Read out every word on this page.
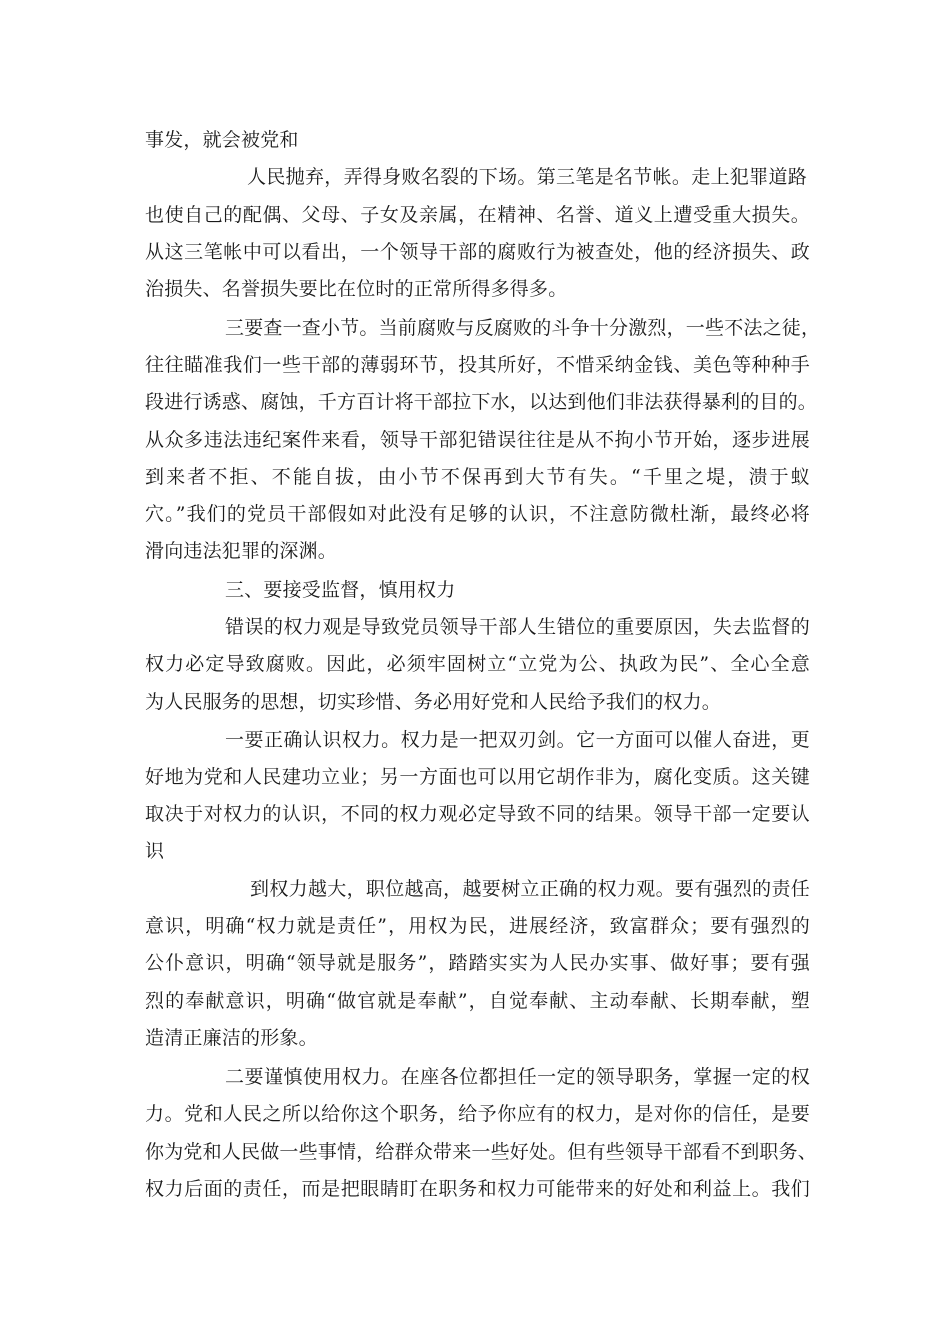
事发，就会被党和
人民抛弃，弄得身败名裂的下场。第三笔是名节帐。走上犯罪道路
也使自己的配偶、父母、子女及亲属，在精神、名誉、道义上遭受重大损失。
从这三笔帐中可以看出，一个领导干部的腐败行为被查处，他的经济损失、政
治损失、名誉损失要比在位时的正常所得多得多。
三要查一查小节。当前腐败与反腐败的斗争十分激烈，一些不法之徒，
往往瞄准我们一些干部的薄弱环节，投其所好，不惜采纳金钱、美色等种种手
段进行诱惑、腐蚀，千方百计将干部拉下水，以达到他们非法获得暴利的目的。
从众多违法违纪案件来看，领导干部犯错误往往是从不拘小节开始，逐步进展
到来者不拒、不能自拔，由小节不保再到大节有失。“千里之堤，溃于蚁
穴。”我们的党员干部假如对此没有足够的认识，不注意防微杜渐，最终必将
滑向违法犯罪的深渊。
三、要接受监督，慎用权力
错误的权力观是导致党员领导干部人生错位的重要原因，失去监督的
权力必定导致腐败。因此，必须牢固树立“立党为公、执政为民”、全心全意
为人民服务的思想，切实珍惜、务必用好党和人民给予我们的权力。
一要正确认识权力。权力是一把双刃剑。它一方面可以催人奋进，更
好地为党和人民建功立业；另一方面也可以用它胡作非为，腐化变质。这关键
取决于对权力的认识，不同的权力观必定导致不同的结果。领导干部一定要认
识
到权力越大，职位越高，越要树立正确的权力观。要有强烈的责任
意识，明确“权力就是责任”，用权为民，进展经济，致富群众；要有强烈的
公仆意识，明确“领导就是服务”，踏踏实实为人民办实事、做好事；要有强
烈的奉献意识，明确“做官就是奉献”，自觉奉献、主动奉献、长期奉献，塑
造清正廉洁的形象。
二要谨慎使用权力。在座各位都担任一定的领导职务，掌握一定的权
力。党和人民之所以给你这个职务，给予你应有的权力，是对你的信任，是要
你为党和人民做一些事情，给群众带来一些好处。但有些领导干部看不到职务、
权力后面的责任，而是把眼睛盯在职务和权力可能带来的好处和利益上。我们
